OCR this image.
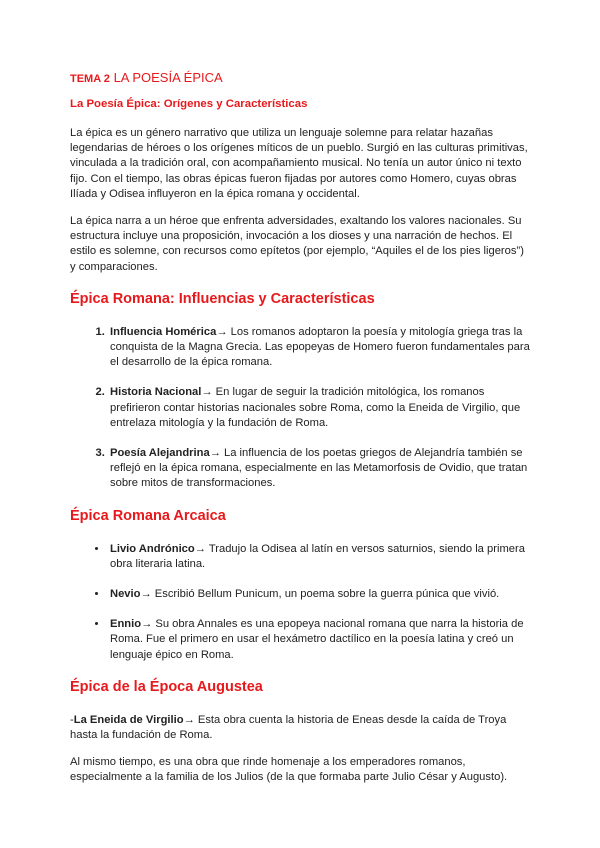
TEMA 2 LA POESÍA ÉPICA
La Poesía Épica: Orígenes y Características

La épica es un género narrativo que utiliza un lenguaje solemne para relatar hazañas legendarias de héroes o los orígenes míticos de un pueblo. Surgió en las culturas primitivas, vinculada a la tradición oral, con acompañamiento musical. No tenía un autor único ni texto fijo. Con el tiempo, las obras épicas fueron fijadas por autores como Homero, cuyas obras Ilíada y Odisea influyeron en la épica romana y occidental.

La épica narra a un héroe que enfrenta adversidades, exaltando los valores nacionales. Su estructura incluye una proposición, invocación a los dioses y una narración de hechos. El estilo es solemne, con recursos como epítetos (por ejemplo, “Aquiles el de los pies ligeros”) y comparaciones.

Épica Romana: Influencias y Características
1. Influencia Homérica→ Los romanos adoptaron la poesía y mitología griega tras la conquista de la Magna Grecia. Las epopeyas de Homero fueron fundamentales para el desarrollo de la épica romana.
2. Historia Nacional→ En lugar de seguir la tradición mitológica, los romanos prefirieron contar historias nacionales sobre Roma, como la Eneida de Virgilio, que entrelaza mitología y la fundación de Roma.
3. Poesía Alejandrina→ La influencia de los poetas griegos de Alejandría también se reflejó en la épica romana, especialmente en las Metamorfosis de Ovidio, que tratan sobre mitos de transformaciones.
Épica Romana Arcaica
• Livio Andrónico→ Tradujo la Odisea al latín en versos saturnios, siendo la primera obra literaria latina.
• Nevio→ Escribió Bellum Punicum, un poema sobre la guerra púnica que vivió.
• Ennio→ Su obra Annales es una epopeya nacional romana que narra la historia de Roma. Fue el primero en usar el hexámetro dactílico en la poesía latina y creó un lenguaje épico en Roma.
Épica de la Época Augustea

-La Eneida de Virgilio→ Esta obra cuenta la historia de Eneas desde la caída de Troya hasta la fundación de Roma.

Al mismo tiempo, es una obra que rinde homenaje a los emperadores romanos, especialmente a la familia de los Julios (de la que formaba parte Julio César y Augusto).
